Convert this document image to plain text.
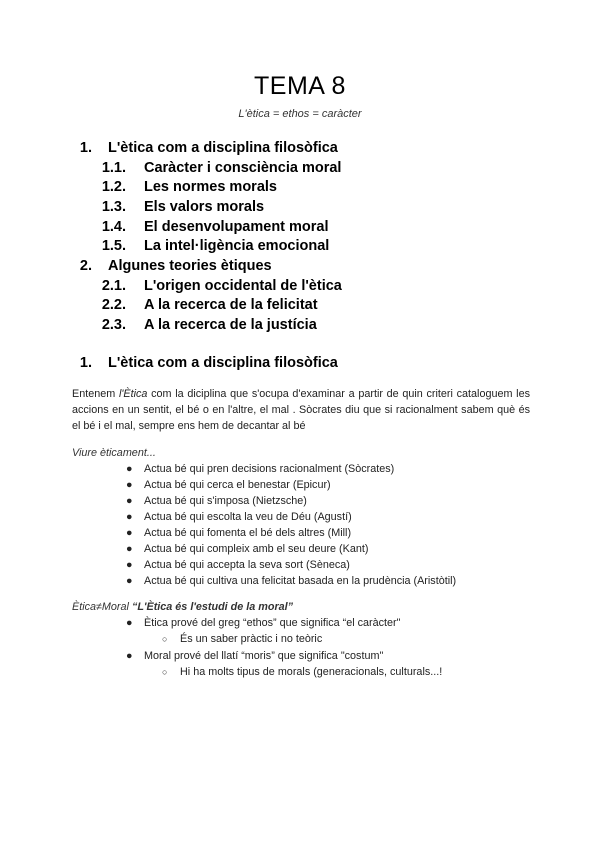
TEMA 8
L'ètica = ethos = caràcter
1. L'ètica com a disciplina filosòfica
1.1. Caràcter i consciència moral
1.2. Les normes morals
1.3. Els valors morals
1.4. El desenvolupament moral
1.5. La intel·ligència emocional
2. Algunes teories ètiques
2.1. L'origen occidental de l'ètica
2.2. A la recerca de la felicitat
2.3. A la recerca de la justícia
1. L'ètica com a disciplina filosòfica
Entenem l'Ètica com la diciplina que s'ocupa d'examinar a partir de quin criteri cataloguem les accions en un sentit, el bé o en l'altre, el mal . Sòcrates diu que si racionalment sabem què és el bé i el mal, sempre ens hem de decantar al bé
Viure èticament...
●	Actua bé qui pren decisions racionalment (Sòcrates)
●	Actua bé qui cerca el benestar (Epicur)
●	Actua bé qui s'imposa (Nietzsche)
●	Actua bé qui escolta la veu de Déu (Agustí)
●	Actua bé qui fomenta el bé dels altres (Mill)
●	Actua bé qui compleix amb el seu deure (Kant)
●	Actua bé qui accepta la seva sort (Sèneca)
●	Actua bé qui cultiva una felicitat basada en la prudència (Aristòtil)
Ètica≠Moral “L'Ètica és l'estudi de la moral”
●	Ètica prové del greg “ethos” que significa “el caràcter"
○	És un saber pràctic i no teòric
●	Moral prové del llatí “moris” que significa "costum"
○	Hi ha molts tipus de morals (generacionals, culturals...!
